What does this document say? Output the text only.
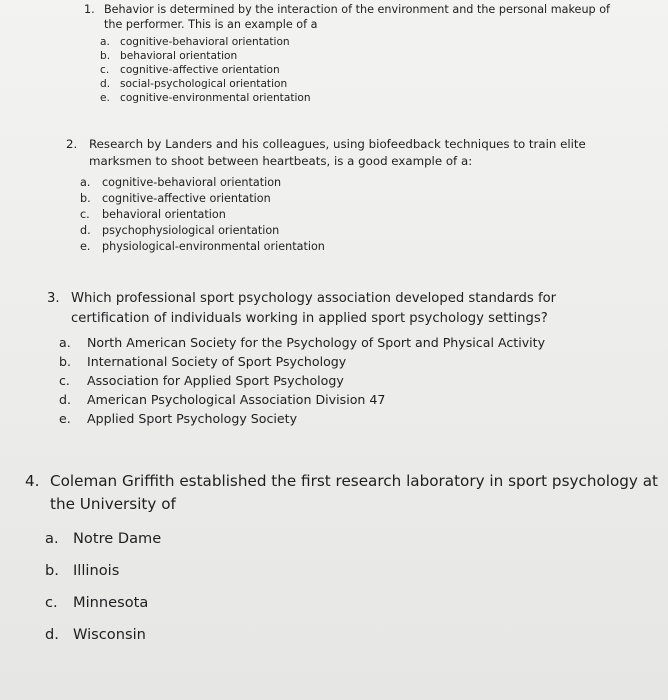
1. Behavior is determined by the interaction of the environment and the personal makeup of the performer. This is an example of a
a. cognitive-behavioral orientation
b. behavioral orientation
c.	cognitive-affective orientation
d. social-psychological orientation
e. cognitive-environmental orientation
2. Research by Landers and his colleagues, using biofeedback techniques to train elite marksmen to shoot between heartbeats, is a good example of a:
a.	cognitive-behavioral orientation
b.	cognitive-affective orientation
c.	behavioral orientation
d.	psychophysiological orientation
e.	physiological-environmental orientation
3. Which professional sport psychology association developed standards for certification of individuals working in applied sport psychology settings?
a.	North American Society for the Psychology of Sport and Physical Activity
b.	International Society of Sport Psychology
c.	Association for Applied Sport Psychology
d.	American Psychological Association Division 47
e.	Applied Sport Psychology Society
4. Coleman Griffith established the first research laboratory in sport psychology at the University of
a. Notre Dame
b. Illinois
c.	Minnesota
d. Wisconsin
